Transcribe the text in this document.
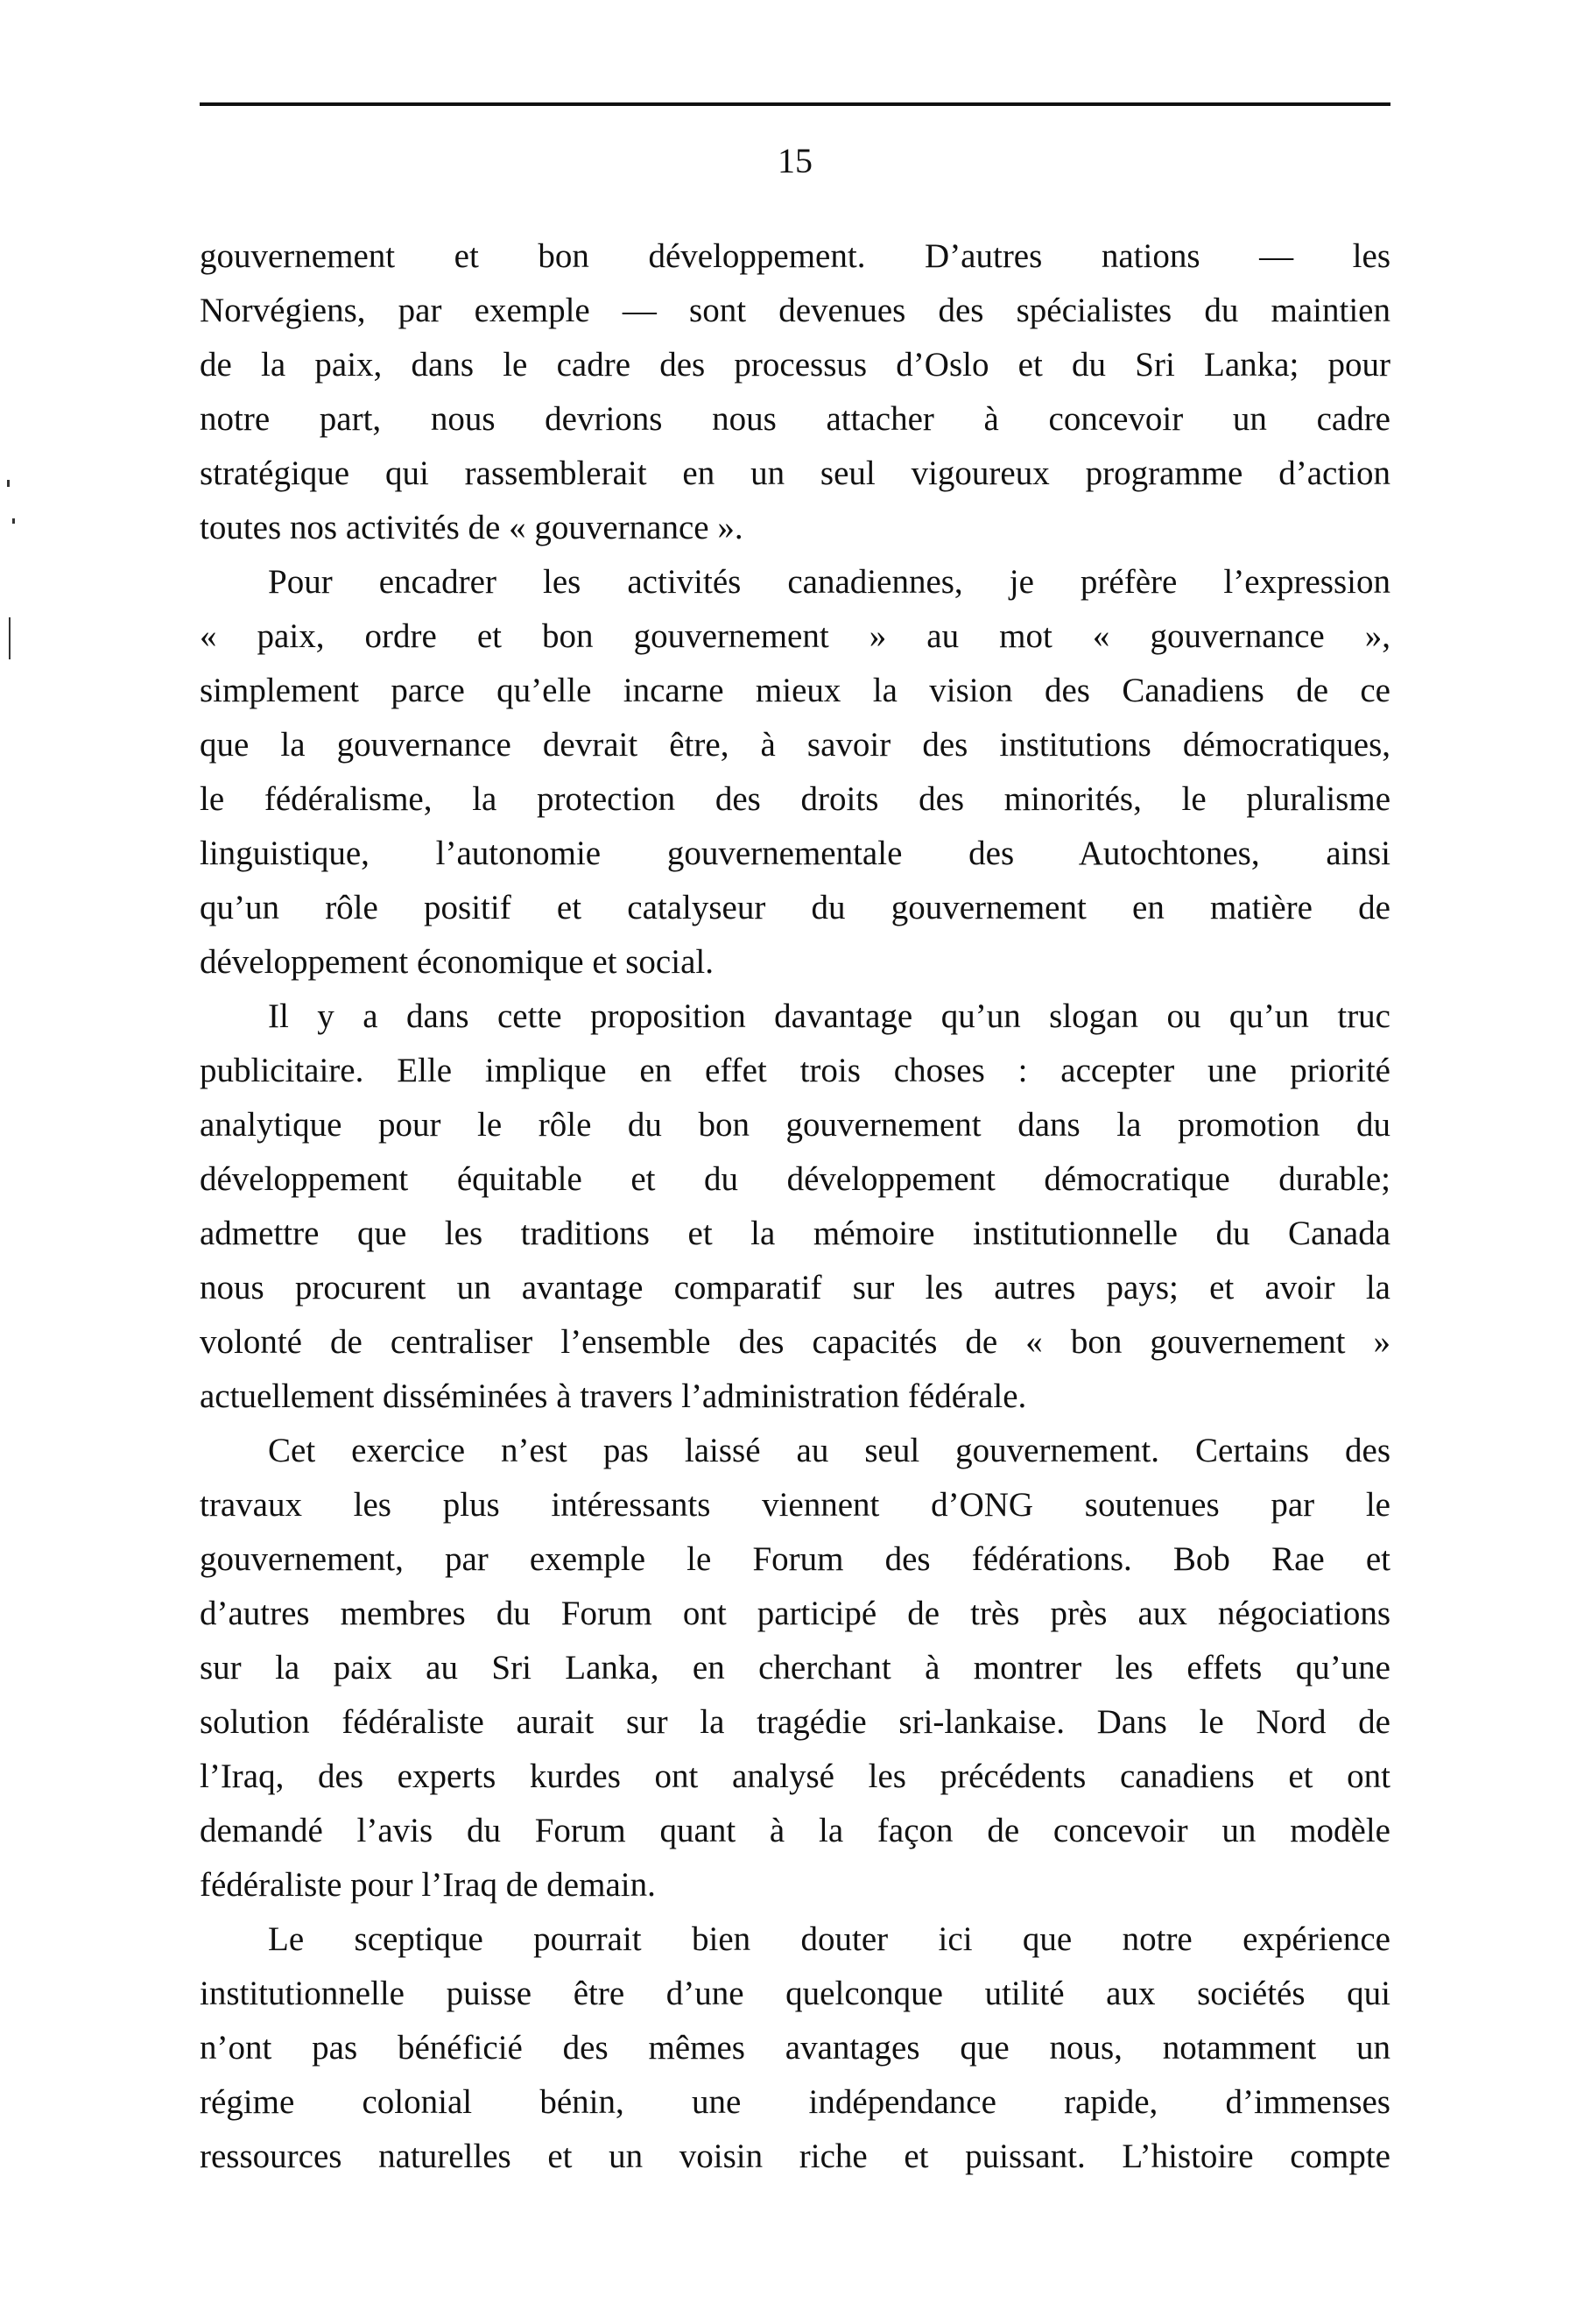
15
gouvernement et bon développement. D’autres nations — les
Norvégiens, par exemple — sont devenues des spécialistes du maintien
de la paix, dans le cadre des processus d’Oslo et du Sri Lanka; pour
notre part, nous devrions nous attacher à concevoir un cadre
stratégique qui rassemblerait en un seul vigoureux programme d’action
toutes nos activités de « gouvernance ».
Pour encadrer les activités canadiennes, je préfère l’expression
« paix, ordre et bon gouvernement » au mot « gouvernance »,
simplement parce qu’elle incarne mieux la vision des Canadiens de ce
que la gouvernance devrait être, à savoir des institutions démocratiques,
le fédéralisme, la protection des droits des minorités, le pluralisme
linguistique, l’autonomie gouvernementale des Autochtones, ainsi
qu’un rôle positif et catalyseur du gouvernement en matière de
développement économique et social.
Il y a dans cette proposition davantage qu’un slogan ou qu’un truc
publicitaire. Elle implique en effet trois choses : accepter une priorité
analytique pour le rôle du bon gouvernement dans la promotion du
développement équitable et du développement démocratique durable;
admettre que les traditions et la mémoire institutionnelle du Canada
nous procurent un avantage comparatif sur les autres pays; et avoir la
volonté de centraliser l’ensemble des capacités de « bon gouvernement »
actuellement disséminées à travers l’administration fédérale.
Cet exercice n’est pas laissé au seul gouvernement. Certains des
travaux les plus intéressants viennent d’ONG soutenues par le
gouvernement, par exemple le Forum des fédérations. Bob Rae et
d’autres membres du Forum ont participé de très près aux négociations
sur la paix au Sri Lanka, en cherchant à montrer les effets qu’une
solution fédéraliste aurait sur la tragédie sri-lankaise. Dans le Nord de
l’Iraq, des experts kurdes ont analysé les précédents canadiens et ont
demandé l’avis du Forum quant à la façon de concevoir un modèle
fédéraliste pour l’Iraq de demain.
Le sceptique pourrait bien douter ici que notre expérience
institutionnelle puisse être d’une quelconque utilité aux sociétés qui
n’ont pas bénéficié des mêmes avantages que nous, notamment un
régime colonial bénin, une indépendance rapide, d’immenses
ressources naturelles et un voisin riche et puissant. L’histoire compte
